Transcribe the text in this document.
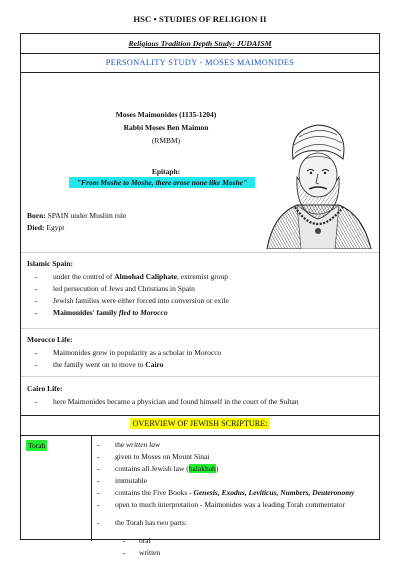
HSC • STUDIES OF RELIGION II
Religious Tradition Depth Study: JUDAISM
PERSONALITY STUDY - MOSES MAIMONIDES
Moses Maimonides (1135-1204)
Rabbi Moses Ben Maimon
(RMBM)
Epitaph:
"From Moshe to Moshe, there arose none like Moshe"
Born: SPAIN under Muslim rule
Died: Egypt
Islamic Spain:
- under the control of Almohad Caliphate, extremist group
- led persecution of Jews and Christians in Spain
- Jewish families were either forced into conversion or exile
- Maimonides' family fled to Morocco
Morocco Life:
- Maimonides grew in popularity as a scholar in Morocco
- the family went on to move to Cairo
Cairo Life:
- here Maimonides became a physician and found himself in the court of the Sultan
OVERVIEW OF JEWISH SCRIPTURE:
Torah
-	the written law
- given to Moses on Mount Sinai
- contains all Jewish law (halakhah)
- immutable
- contains the Five Books - Genesis, Exodus, Leviticus, Numbers, Deuteronomy
- open to much interpretation - Maimonides was a leading Torah commentator
- the Torah has two parts:
- oral
- written
